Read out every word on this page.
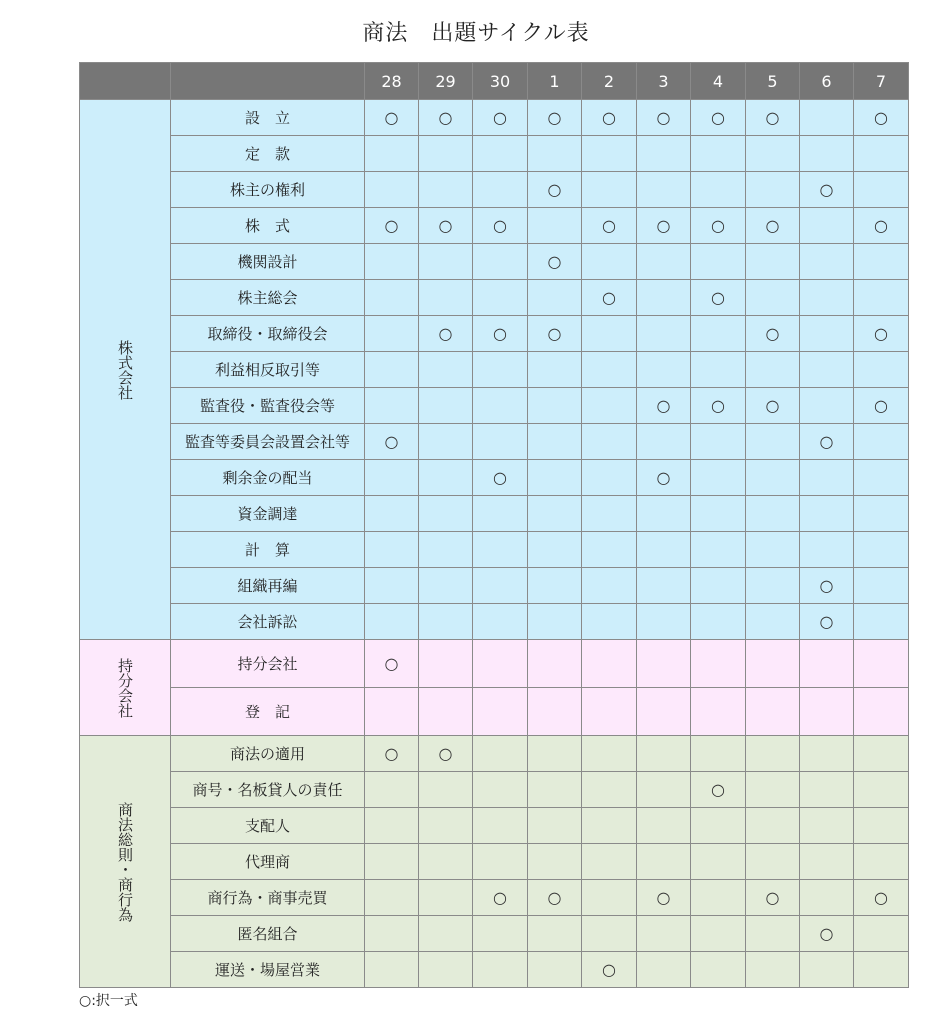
商法　出題サイクル表
		28	29	30	1	2	3	4	5	6	7
株式会社	設　立	○	○	○	○	○	○	○	○		○
	定　款										
	株主の権利				○					○	
	株　式	○	○	○		○	○	○	○		○
	機関設計				○						
	株主総会					○		○			
	取締役・取締役会		○	○	○				○		○
	利益相反取引等										
	監査役・監査役会等						○	○	○		○
	監査等委員会設置会社等	○								○	
	剰余金の配当			○			○				
	資金調達										
	計　算										
	組織再編									○	
	会社訴訟									○	
持分会社	持分会社	○									
	登　記										
商法総則・商行為	商法の適用	○	○								
	商号・名板貸人の責任							○			
	支配人										
	代理商										
	商行為・商事売買			○	○		○		○		○
	匿名組合									○	
	運送・場屋営業					○					
○:択一式
